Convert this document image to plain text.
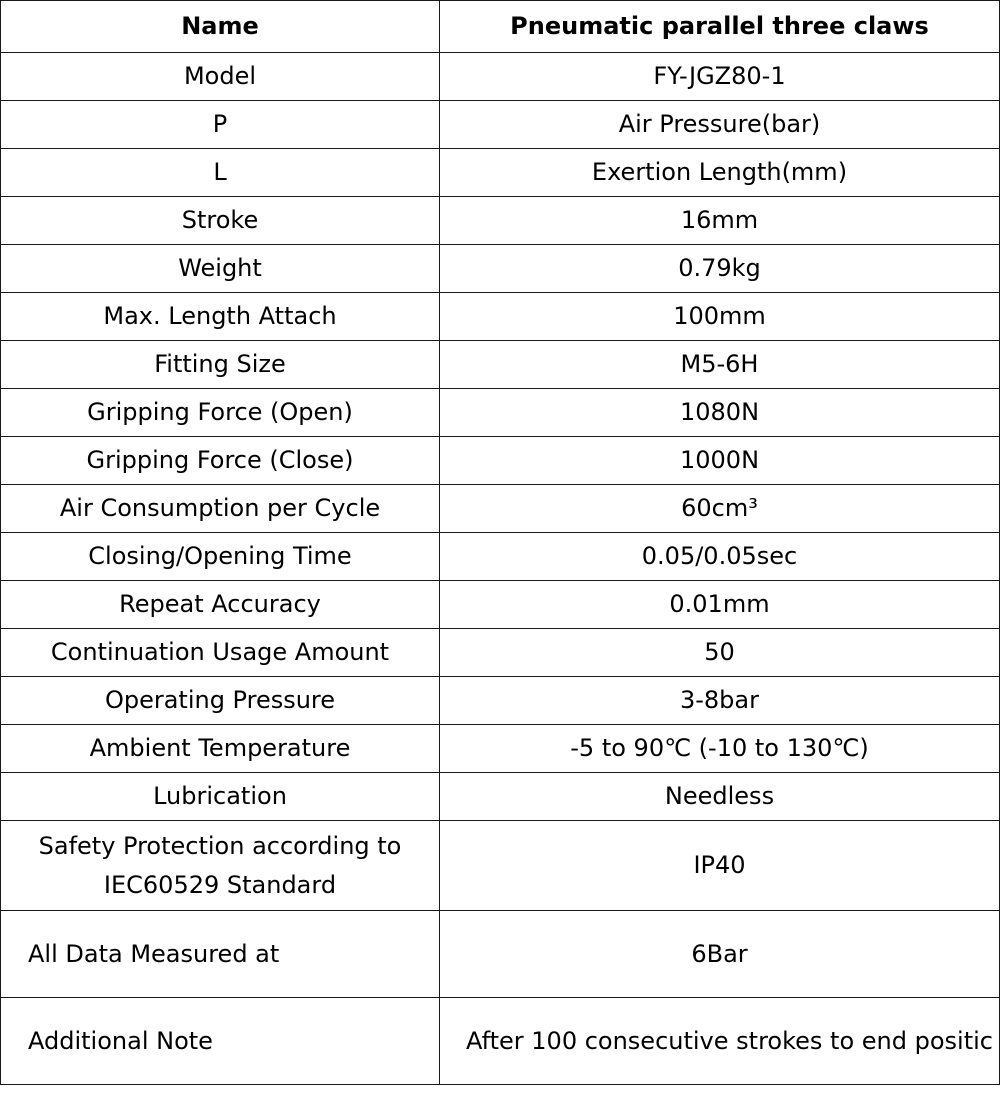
Name	Pneumatic parallel three claws
Model	FY-JGZ80-1
P	Air Pressure(bar)
L	Exertion Length(mm)
Stroke	16mm
Weight	0.79kg
Max. Length Attach	100mm
Fitting Size	M5-6H
Gripping Force (Open)	1080N
Gripping Force (Close)	1000N
Air Consumption per Cycle	60cm³
Closing/Opening Time	0.05/0.05sec
Repeat Accuracy	0.01mm
Continuation Usage Amount	50
Operating Pressure	3-8bar
Ambient Temperature	-5 to 90℃ (-10 to 130℃)
Lubrication	Needless
Safety Protection according to IEC60529 Standard	IP40
All Data Measured at	6Bar
Additional Note	After 100 consecutive strokes to end positic
